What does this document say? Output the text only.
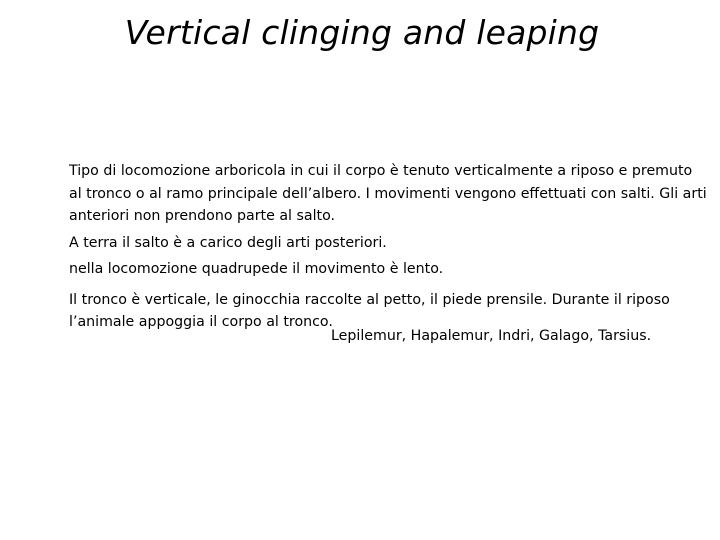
Vertical clinging and leaping

Tipo di locomozione arboricola in cui il corpo è tenuto verticalmente a riposo e premuto al tronco o al ramo principale dell’albero. I movimenti vengono effettuati con salti. Gli arti anteriori non prendono parte al salto.

A terra il salto è a carico degli arti posteriori.

nella locomozione quadrupede il movimento è lento.

Il tronco è verticale, le ginocchia raccolte al petto, il piede prensile. Durante il riposo l’animale appoggia il corpo al tronco.

Lepilemur, Hapalemur, Indri, Galago, Tarsius.
